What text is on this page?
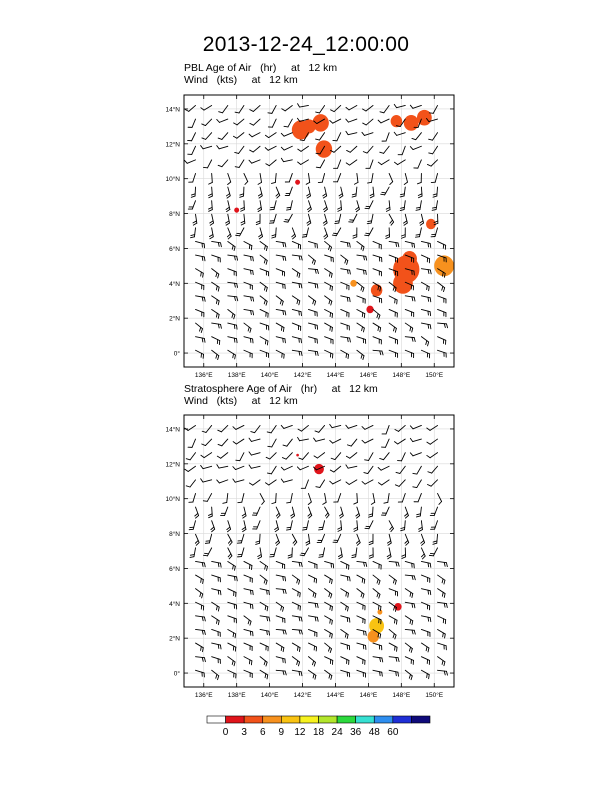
2013-12-24_12:00:00
PBL Age of Air   (hr)     at   12 km
Wind   (kts)     at   12 km
Stratosphere Age of Air   (hr)     at   12 km
Wind   (kts)     at   12 km
136°E 138°E 140°E 142°E 144°E 146°E 148°E 150°E
0°
2°N
4°N
6°N
8°N
10°N
12°N
14°N
136°E 138°E 140°E 142°E 144°E 146°E 148°E 150°E
0°
2°N
4°N
6°N
8°N
10°N
12°N
14°N
0 3 6 9 12 18 24 36 48 60
